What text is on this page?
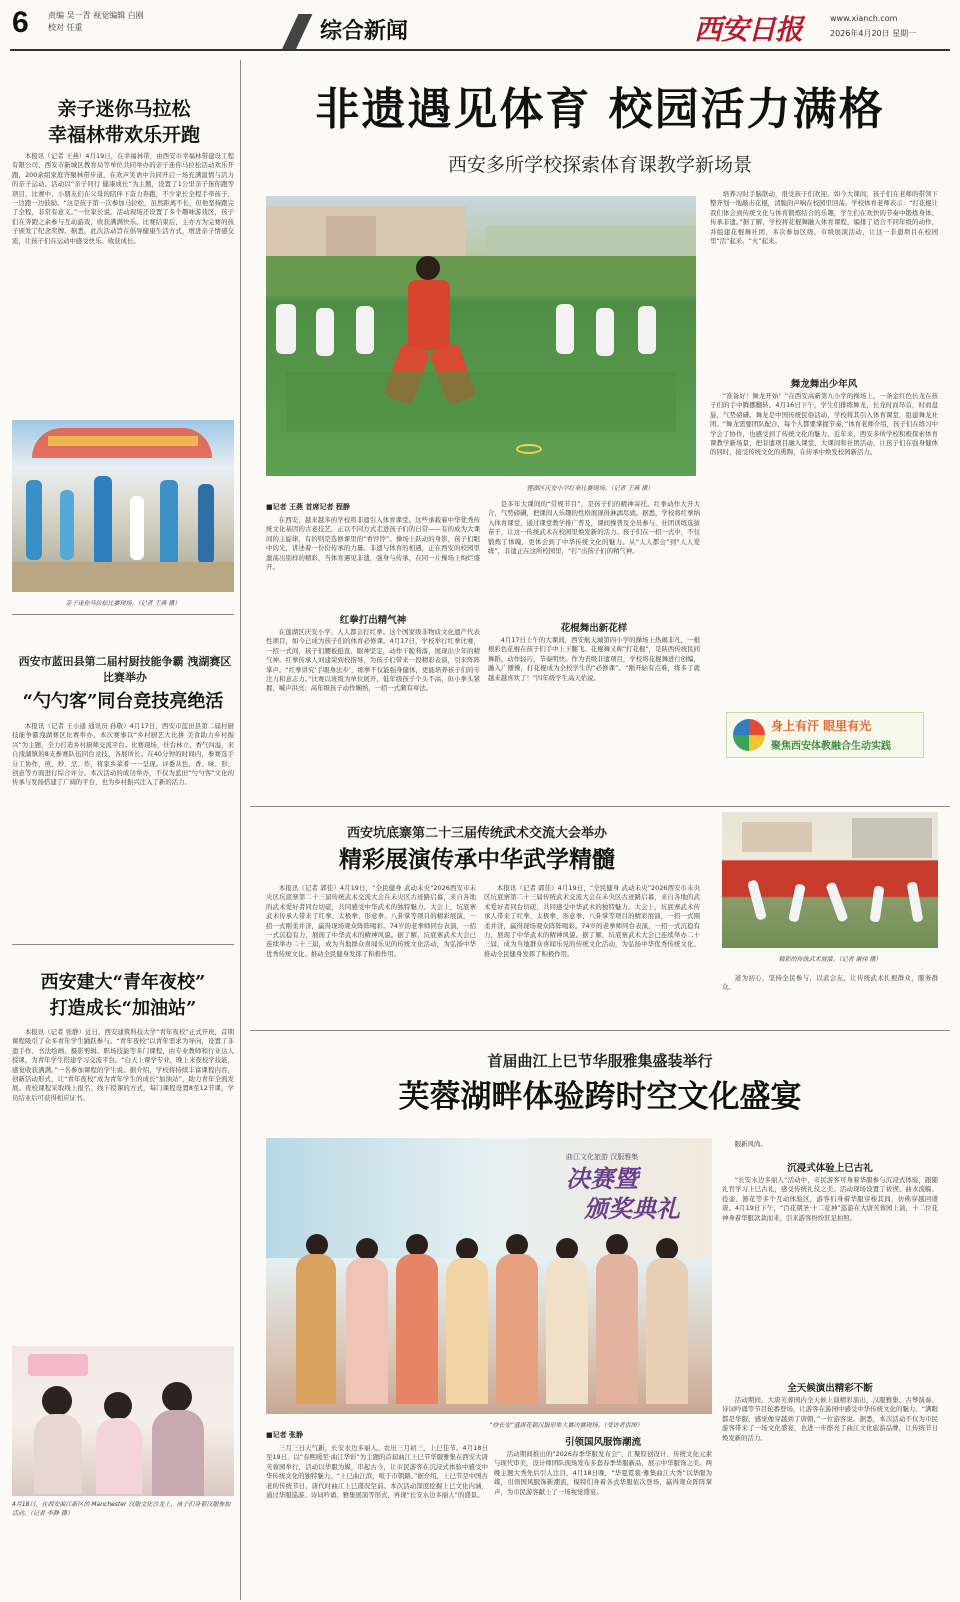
6 责编 吴一青 视觉编辑 白刚
校对 任重	综合新闻	西安日报	www.xianch.com
2026年4月20日 星期一
亲子迷你马拉松
幸福林带欢乐开跑

本报讯（记者 王燕）4月19日，在幸福林带，由西安市幸福林带建设工程有限公司、西安市新城区教育局等单位共同举办的亲子迷你马拉松活动欢乐开跑，200余组家庭齐聚林带步道，在欢声笑语中共同开启一场充满温情与活力的亲子运动。活动以“亲子同行 健康成长”为主题，设置了1公里亲子迷你跑等项目，比赛中，小朋友们在父母的陪伴下奋力奔跑，不少家长全程手牵孩子，一边跑一边鼓励。“这是孩子第一次参加马拉松，虽然距离不长，但他坚持跑完了全程，非常有意义。”一位家长说。活动现场还设置了多个趣味游戏区，孩子们在奔跑之余参与互动游戏，收获满满快乐。比赛结束后，主办方为完赛的孩子颁发了纪念奖牌。据悉，此次活动旨在倡导健康生活方式，增进亲子情感交流，让孩子们在运动中感受快乐、收获成长。

亲子迷你马拉松比赛现场。（记者 王燕 摄）
西安市蓝田县第二届村厨技能争霸 洩湖赛区比赛举办
“勺勺客”同台竞技亮绝活

本报讯（记者 王小通 通讯员 孙敬）4月17日，西安市蓝田县第二届村厨技能争霸洩湖赛区比赛举办，本次赛事以“乡村厨艺大比拼 美食助力乡村振兴”为主题，全力打造乡村厨师交流平台。比赛现场，灶台林立、香气四溢，来自洩湖镇的8支参赛队伍同台竞技，各展所长。在40分钟的时间内，参赛选手分工协作，煎、炒、烹、炸，将家乡菜肴一一呈现。评委从色、香、味、形、创意等方面进行综合评分。本次活动的成功举办，不仅为蓝田“勺勺客”文化的传承与发扬搭建了广阔的平台，也为乡村振兴注入了新的活力。

西安建大“青年夜校”
打造成长“加油站”

本报讯（记者 张静）近日，西安建筑科技大学“青年夜校”正式开班，首期课程吸引了众多青年学生踊跃参与。“青年夜校”以青年需求为导向，设置了非遗手作、书法绘画、摄影剪辑、职场技能等多门课程，由专业教师和行业达人授课，为青年学生搭建学习交流平台。“白天上课学专业，晚上来夜校学技能，感觉收获满满。”一名参加课程的学生说。据介绍，学校将持续丰富课程内容，创新活动形式，让“青年夜校”成为青年学生的成长“加油站”，助力青年全面发展。夜校课程采取线上报名、线下授课的方式，每门课程设置8至12节课，学员结业后可获得相应证书。

4月18日，在西安曲江新区的 Manchester 汉服文化沙龙上，孩子们身着汉服参加活动。（记者 李静 摄）
非遗遇见体育 校园活力满格
西安多所学校探索体育课教学新场景
莲湖区庆安小学红拳比赛现场。（记者 王燕 摄）
■记者 王燕 首席记者 程静

在西安，越来越多的学校将非遗引入体育课堂。这些承载着中华优秀传统文化基因的古老技艺，正以不同方式走进孩子们的日常——有的成为大课间的主旋律，有的则是选修课里的“香饽饽”。操场上跃动的身影，孩子们眼中的光，讲述着一份份传承的力量。非遗与体育的相遇，正在西安的校园里激荡出别样的精彩，当体育遇见非遗，强身与传承，在同一片操场上绚烂盛开。

红拳打出精气神

在莲湖区庆安小学，人人都会打红拳。这个国家级非物质文化遗产代表性项目，如今已成为孩子们的体育必修课。4月17日，学校举行红拳比赛，一招一式间，孩子们腰板挺直、眼神坚定，动作干脆利落，展现出少年的精气神。红拳传承人刘建荣到校指导，为孩子们带来一段精彩表演，引来阵阵掌声。“红拳讲究‘手眼身法步’，练拳不仅能强身健体，更能培养孩子们的专注力和意志力。”比赛以班级为单位展开，低年级孩子个头不高，但小拳头紧握，喊声洪亮；高年级孩子动作娴熟，一招一式颇有章法。

是多年大课间的“常规节目”，是孩子们的精神寄托。红拳动作大开大合，气势磅礴，把课间人乐趣的性格展现得淋漓尽致。据悉，学校将红拳纳入体育课堂，通过课堂教学推广普及，课间操普及全员参与，社团训练选拔苗子，让这一传统武术在校园里焕发新的活力。孩子们在一招一式中，不仅锻炼了体魄，更体会到了中华传统文化的魅力。从“人人都会”到“人人爱练”，非遗正在这所校园里，“打”出孩子们的精气神。

花棍舞出新花样

4月17日上午的大课间，西安航天城第四小学的操场上热闹非凡，一根根彩色花棍在孩子们手中上下翻飞。花棍舞又称“打花棍”，是陕西传统民间舞蹈，动作轻巧，节奏明快。作为省级非遗项目，学校将花棍舞进行创编，融入广播操，打花棍成为全校学生的“必修课”。“刚开始有点难，练多了就越来越喜欢了！”四年级学生高天佑说。

培养习时手脑联动，很受孩子们欢迎。如今大课间，孩子们在老师的带领下整齐划一地敲击花棍，清脆的声响在校园里回荡。学校体育老师表示：“打花棍让我们体会到传统文化与体育锻炼结合的乐趣，学生们在欢快的节奏中锻炼身体、传承非遗。”据了解，学校将花棍舞融入体育课程，编排了适合不同年级的动作，并组建花棍舞社团，多次参加区级、市级展演活动，让这一非遗项目在校园里“活”起来、“火”起来。

舞龙舞出少年风

“准备好！舞龙开始！”在西安高新第九小学的操场上，一条金红色长龙在孩子们的手中腾挪翻转。4月16日下午，学生们排练舞龙，长龙时而昂首，时而盘旋，气势磅礴。舞龙是中国传统民俗活动，学校将其引入体育课堂，组建舞龙社团。“舞龙需要团队配合，每个人都要掌握节奏，”体育老师介绍，孩子们在练习中学会了协作，也感受到了传统文化的魅力。近年来，西安多所学校积极探索体育课教学新场景，把非遗项目融入课堂、大课间和社团活动，让孩子们在强身健体的同时，接受传统文化的熏陶，在传承中焕发校园新活力。

身上有汗 眼里有光
聚焦西安体教融合生动实践
西安坑底寨第二十三届传统武术交流大会举办
精彩展演传承中华武学精髓

本报讯（记者 郭佳）4月19日，“全民健身 武动未央”2026西安市未央区坑底寨第二十三届传统武术交流大会在未央区古迹路启幕，来自各地的武术爱好者同台切磋，共同感受中华武术的独特魅力。大会上，坑底寨武术传承人带来了红拳、太极拳、形意拳、八卦掌等项目的精彩展演，一招一式刚柔并济，赢得现场观众阵阵喝彩。74岁的老拳师同台表演，一招一式沉稳有力，展现了中华武术的精神风貌。据了解，坑底寨武术大会已连续举办二十三届，成为当地群众喜闻乐见的传统文化活动，为弘扬中华优秀传统文化、推动全民健身发挥了积极作用。

本报讯（记者 郭佳）4月19日，“全民健身 武动未央”2026西安市未央区坑底寨第二十三届传统武术交流大会在未央区古迹路启幕，来自各地的武术爱好者同台切磋，共同感受中华武术的独特魅力。大会上，坑底寨武术传承人带来了红拳、太极拳、形意拳、八卦掌等项目的精彩展演，一招一式刚柔并济，赢得现场观众阵阵喝彩。74岁的老拳师同台表演，一招一式沉稳有力，展现了中华武术的精神风貌。据了解，坑底寨武术大会已连续举办二十三届，成为当地群众喜闻乐见的传统文化活动，为弘扬中华优秀传统文化、推动全民健身发挥了积极作用。

精彩的传统武术展演。（记者 谢伟 摄）

道为初心，坚持全民参与，以武会友，让传统武术扎根群众，服务群众。

首届曲江上巳节华服雅集盛装举行
芙蓉湖畔体验跨时空文化盛宴
曲江文化旅游 汉服雅集
决赛暨
颁奖典礼
“炒长安”盛唐花朝汉服形象大赛决赛现场。（受访者供图）
■记者 张静

三月三日天气新，长安水边多丽人。农历三月初三，上巳佳节。4月18日至19日，以“春熙暖至·曲江华彩”为主题的首届曲江上巳节华服雅集在西安大唐芙蓉园举行，活动以华服为媒，串起古今，让市民游客在沉浸式体验中感受中华传统文化的独特魅力。“上巳曲江滨，喧于市朝路。”据介绍，上巳节是中国古老的传统节日，唐代时曲江上巳盛况空前。本次活动深度挖掘上巳文化内涵，通过华服巡游、诗词吟诵、雅集展演等形式，再现“长安水边多丽人”的盛景。

引领国风服饰潮流

活动期间推出的“2026春季华服发布会”，汇聚原创设计、传统文化元素与现代审美，设计师团队现场发布多套春季华服新品，展示中华服饰之美。两晚主题大秀先后引人注目，4月18日晚，“华夏霓裳·雅集曲江大秀”以华服为媒，引领国风服饰新潮流，模特们身着各式华服依次登场，赢得观众阵阵掌声，为市民游客献上了一场视觉盛宴。

眼新风尚。

沉浸式体验上巳古礼

“长安水边多丽人”活动中，市民游客可身着华服参与沉浸式体验，跟随礼官学习上巳古礼，感受传统礼仪之美。活动现场设置了祓禊、曲水流觞、投壶、簪花等多个互动体验区，游客们身着华服穿梭其间，仿佛穿越回盛唐。4月19日下午，“百花朝圣·十二花神”巡游在大唐芙蓉园上演，十二位花神身着华服款款而来，引来游客纷纷驻足拍照。

全天候演出精彩不断

活动期间，大唐芙蓉园内全天候上演精彩演出，汉服雅集、古琴演奏、诗词吟诵等节目轮番登场，让游客在游园中感受中华传统文化的魅力。“满眼都是华服，感觉像穿越到了唐朝，”一位游客说。据悉，本次活动不仅为市民游客带来了一场文化盛宴，也进一步擦亮了曲江文化旅游品牌，让传统节日焕发新的活力。
